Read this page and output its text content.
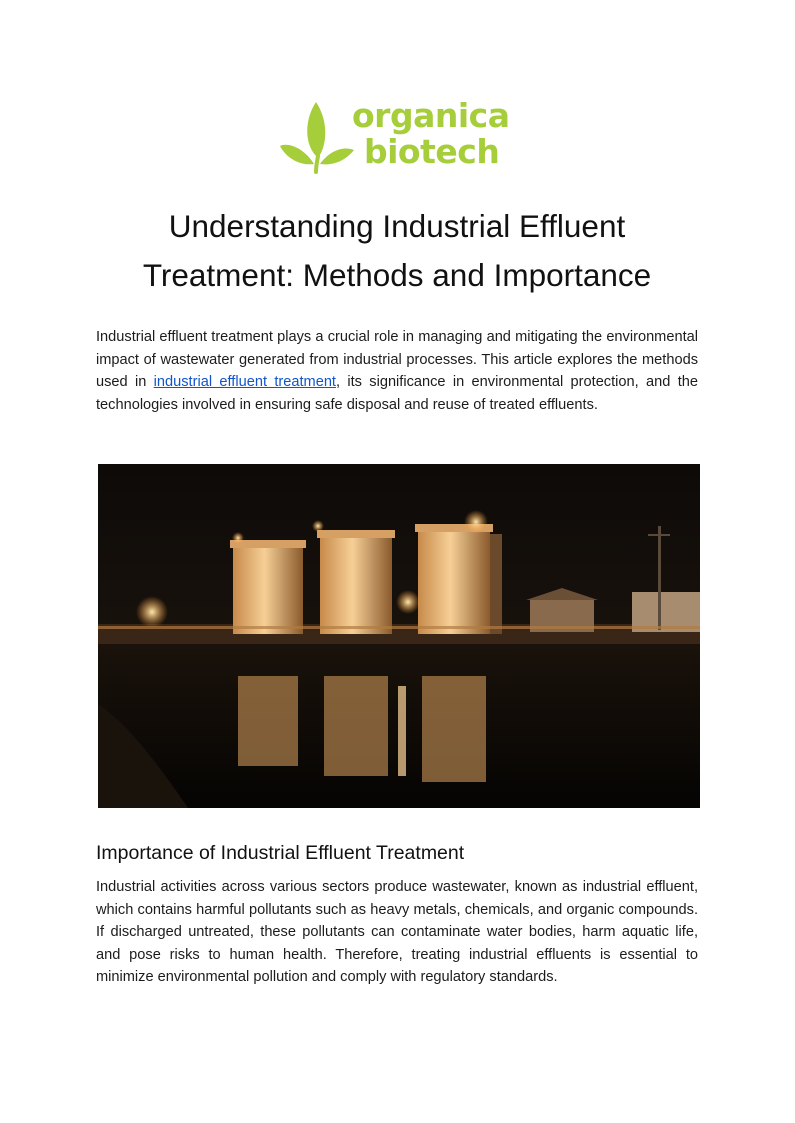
organica
biotech
Understanding Industrial Effluent
Treatment: Methods and Importance

Industrial effluent treatment plays a crucial role in managing and mitigating the environmental impact of wastewater generated from industrial processes. This article explores the methods used in industrial effluent treatment, its significance in environmental protection, and the technologies involved in ensuring safe disposal and reuse of treated effluents.

Importance of Industrial Effluent Treatment

Industrial activities across various sectors produce wastewater, known as industrial effluent, which contains harmful pollutants such as heavy metals, chemicals, and organic compounds. If discharged untreated, these pollutants can contaminate water bodies, harm aquatic life, and pose risks to human health. Therefore, treating industrial effluents is essential to minimize environmental pollution and comply with regulatory standards.
